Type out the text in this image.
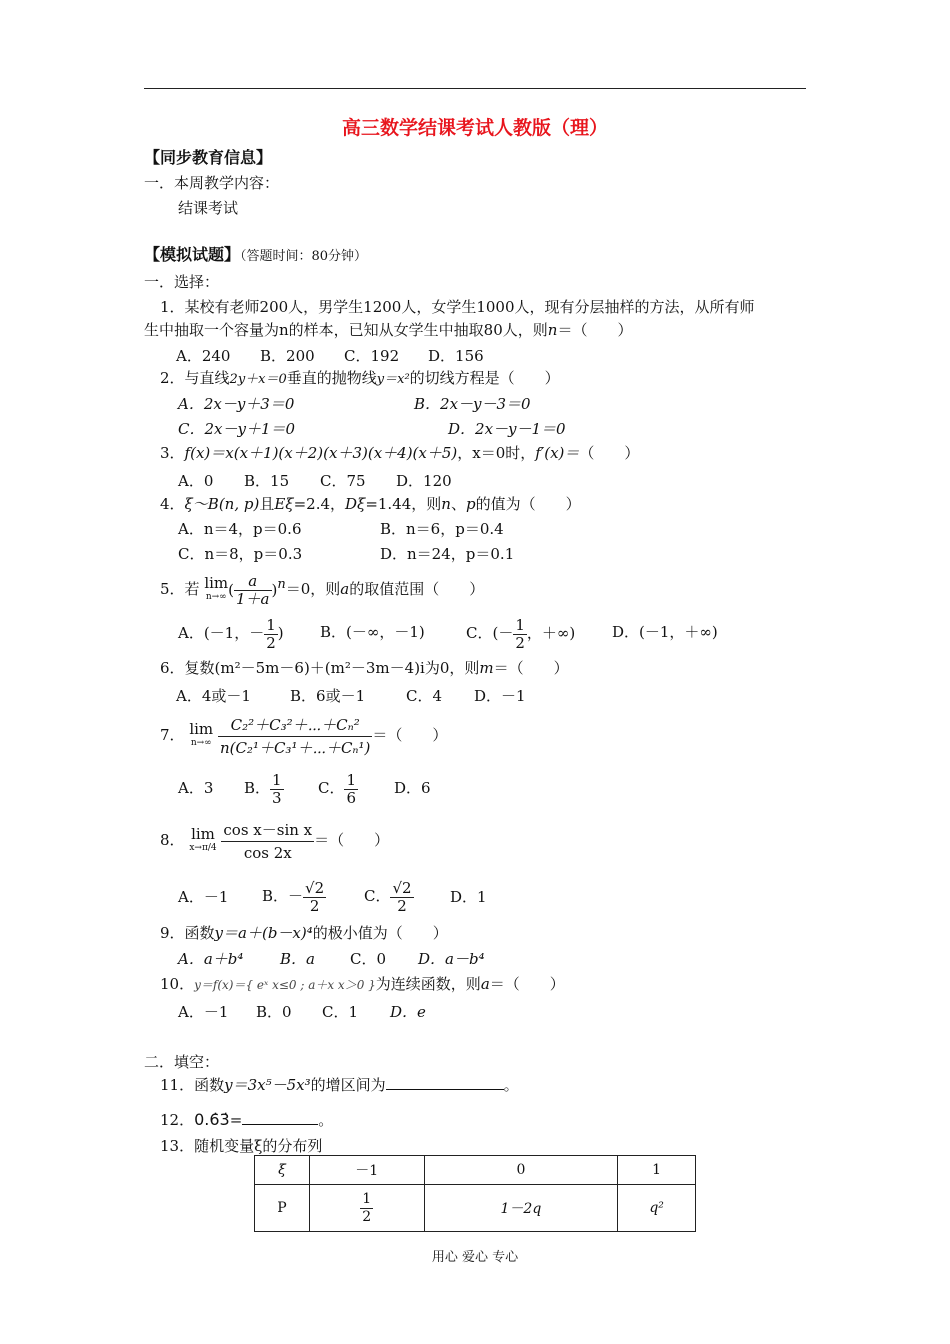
高三数学结课考试人教版（理）
【同步教育信息】
一．本周教学内容：
结课考试
【模拟试题】（答题时间：80分钟）
一．选择：
1．某校有老师200人，男学生1200人，女学生1000人，现有分层抽样的方法，从所有师
生中抽取一个容量为n的样本，已知从女学生中抽取80人，则n＝（　　）
A．240 B．200 C．192 D．156
2．与直线2y＋x＝0垂直的抛物线y＝x²的切线方程是（　　）
A．2x－y＋3＝0	B．2x－y－3＝0
C．2x－y＋1＝0	D．2x－y－1＝0
3．f(x)＝x(x＋1)(x＋2)(x＋3)(x＋4)(x＋5)，x＝0时，f′(x)＝（　　）
A．0 B．15 C．75 D．120
4．ξ～B(n, p)且Eξ=2.4，Dξ=1.44，则n、p的值为（　　）
A．n＝4，p＝0.6	B．n＝6，p＝0.4
C．n＝8，p＝0.3	D．n＝24，p＝0.1
5．若 lim
n→∞ ( $\frac{a}{1+a} )^n=0$，则a的取值范围（　　）
A．(－1，－ $\frac{1}{2}$ ) B．(－∞，－1)	C．(－ $\frac{1}{2}$ ，＋∞) D．(－1，＋∞)
6．复数(m²－5m－6)＋(m²－3m－4)i为0，则m＝（　　）
A．4或－1	B．6或－1	C．4 D．－1
7． lim
n→∞
$\frac{\text{C₂²＋C₃²＋⋯＋Cₙ²}}{\text{n(C₂¹＋C₃¹＋⋯＋Cₙ¹)}}$ ＝（　　）
A．3 B． $\frac{1}{3}$ C． $\frac{1}{6}$ D．6
8． lim
x→π/4
$\frac{\text{cos x－sin x}}{\cos 2x}$ ＝（　　）
A．－1 B．－ $\frac{√2}{2}$	C． $\frac{√2}{2}$ D．1
9．函数y＝a＋(b－x)⁴的极小值为（　　）
A．a＋b⁴ B．a C．0 D．a－b⁴
10．y＝f(x)＝{ eˣ x≤0 ; a＋x x＞0 }为连续函数，则a＝（　　）
A．－1 B．0 C．1 D．e
二．填空：
11．函数y＝3x⁵－5x³的增区间为	。
12．0.6̇3̇=	。
13．随机变量ξ的分布列
ξ	－1	0	1
P	$\frac{1}{2}$	1－2q	q²
用心 爱心 专心
